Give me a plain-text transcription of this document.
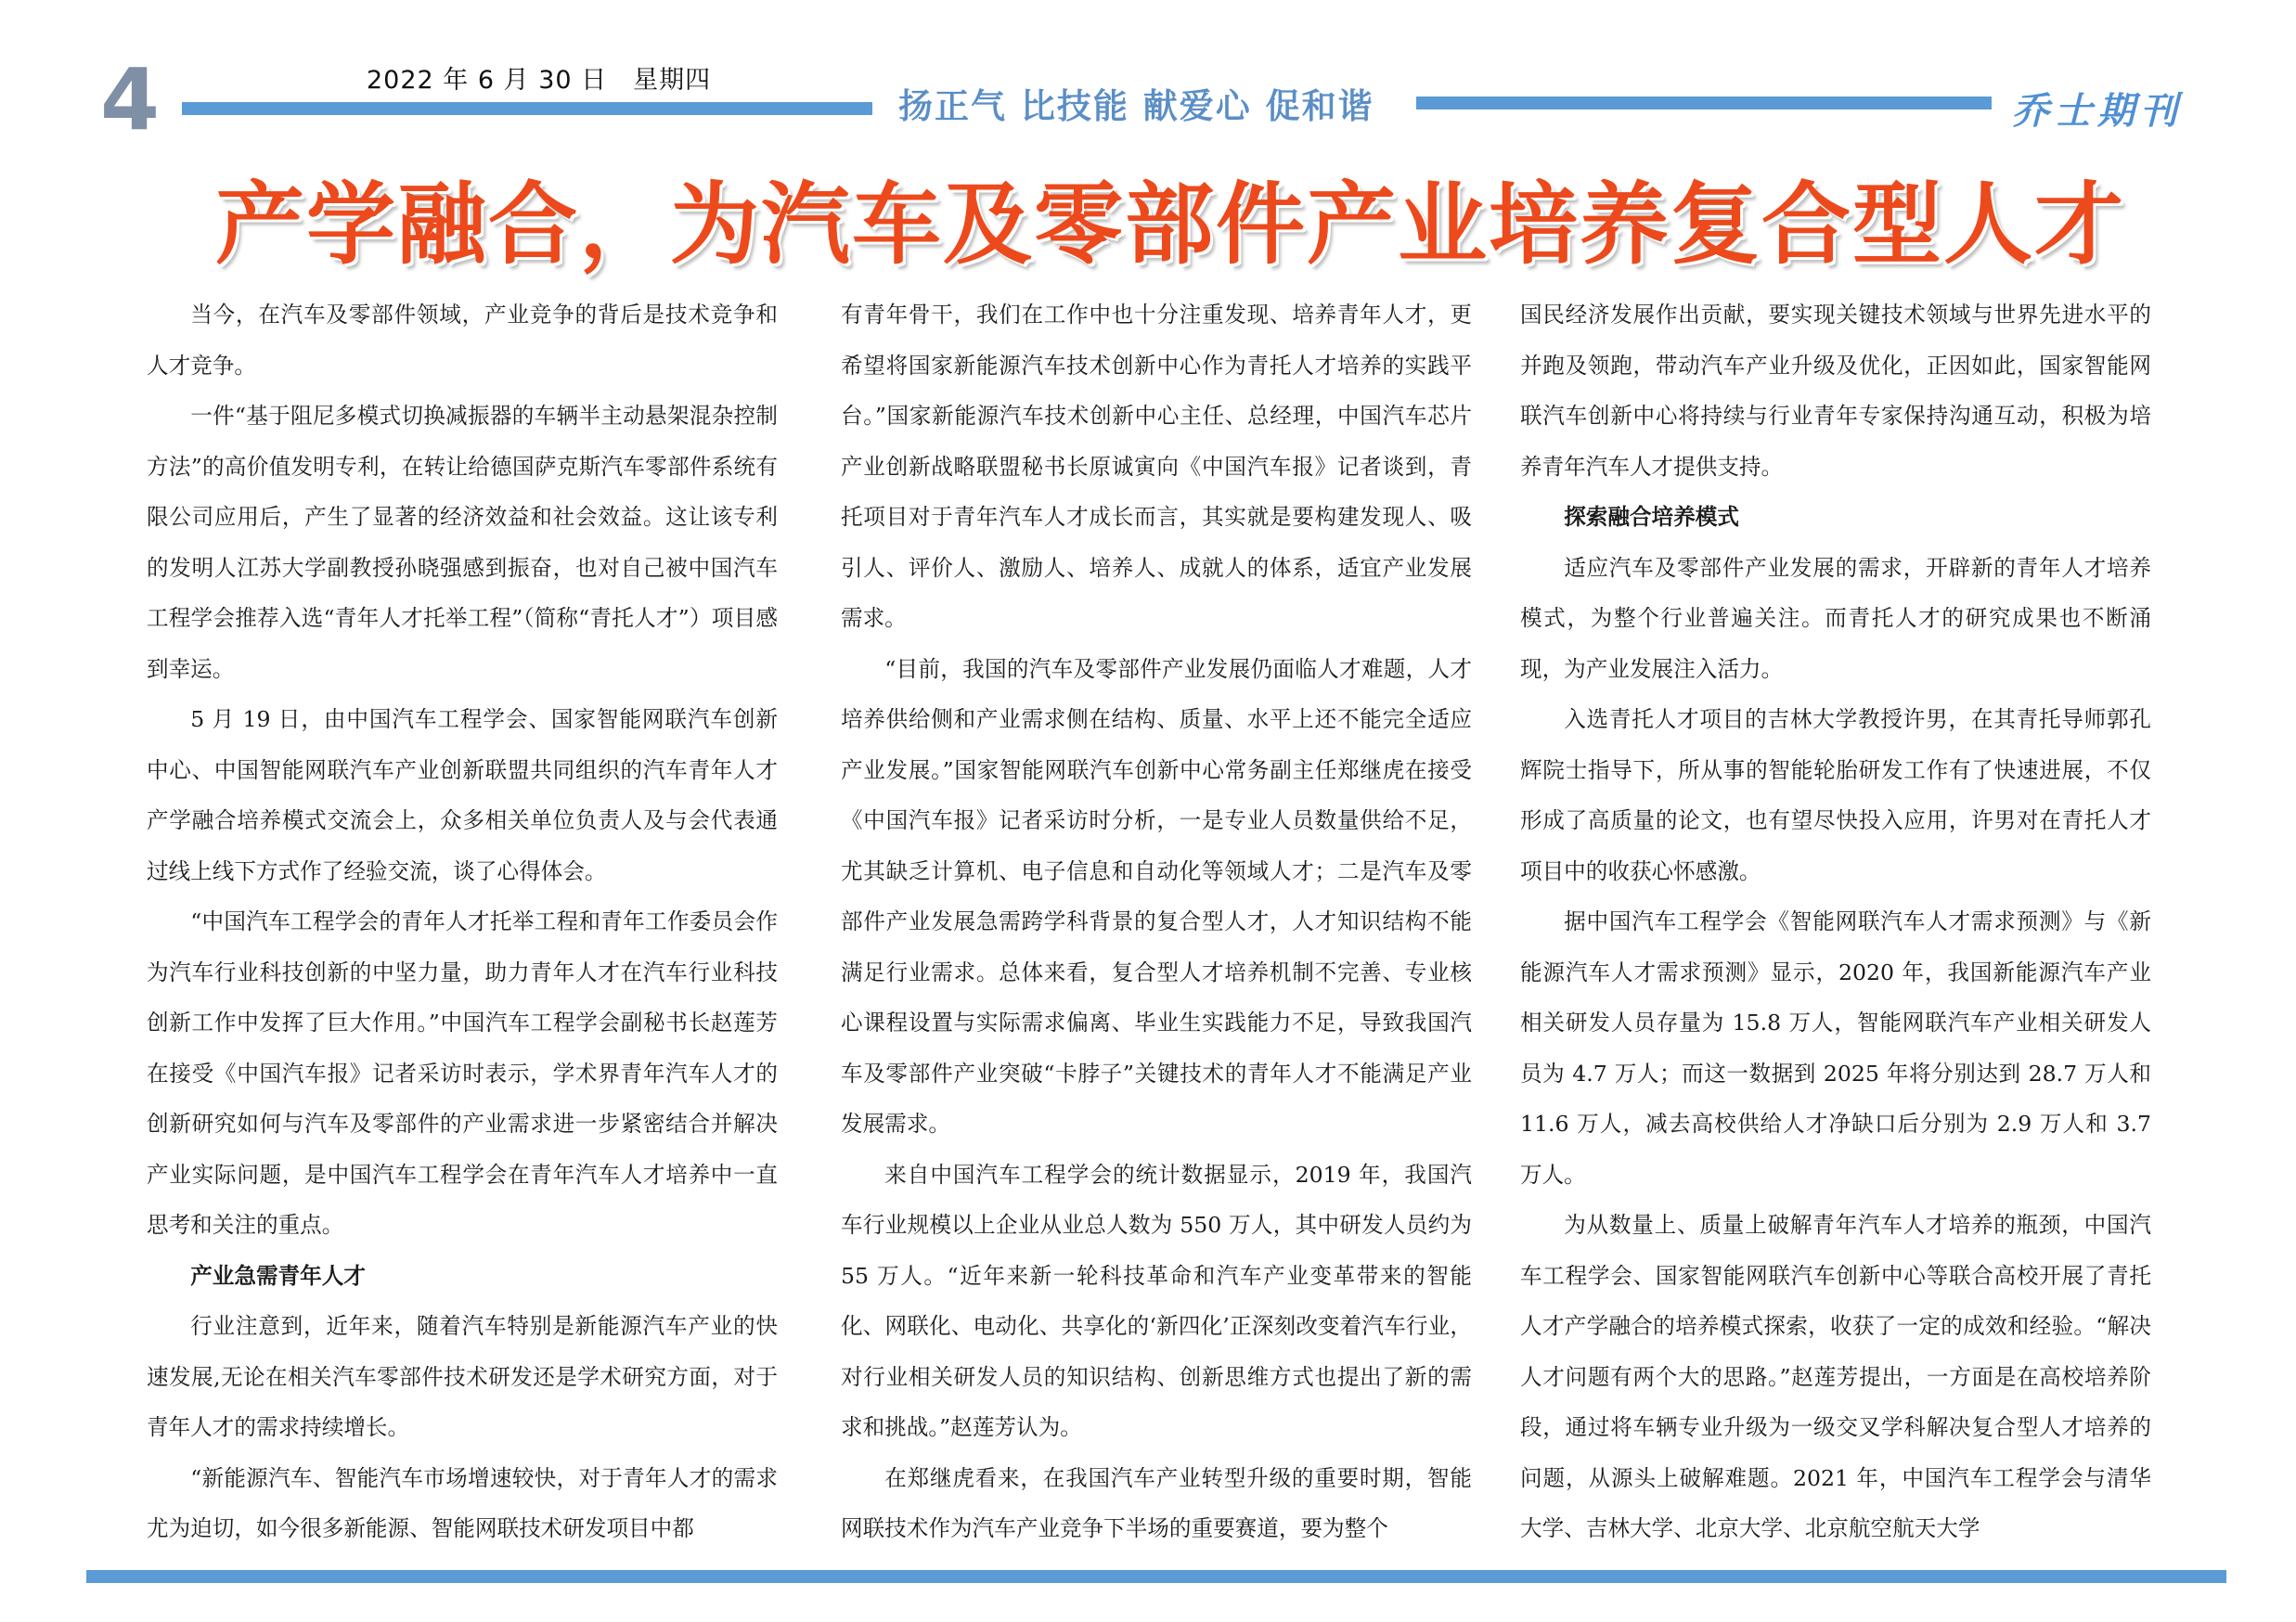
4	2022 年 6 月 30 日　星期四
扬正气 比技能 献爱心 促和谐	乔士期刊
产学融合，为汽车及零部件产业培养复合型人才

当今，在汽车及零部件领域，产业竞争的背后是技术竞争和人才竞争。

一件“基于阻尼多模式切换减振器的车辆半主动悬架混杂控制方法”的高价值发明专利，在转让给德国萨克斯汽车零部件系统有限公司应用后，产生了显著的经济效益和社会效益。这让该专利的发明人江苏大学副教授孙晓强感到振奋，也对自己被中国汽车工程学会推荐入选“青年人才托举工程”（简称“青托人才”）项目感到幸运。

5 月 19 日，由中国汽车工程学会、国家智能网联汽车创新中心、中国智能网联汽车产业创新联盟共同组织的汽车青年人才产学融合培养模式交流会上，众多相关单位负责人及与会代表通过线上线下方式作了经验交流，谈了心得体会。

“中国汽车工程学会的青年人才托举工程和青年工作委员会作为汽车行业科技创新的中坚力量，助力青年人才在汽车行业科技创新工作中发挥了巨大作用。”中国汽车工程学会副秘书长赵莲芳在接受《中国汽车报》记者采访时表示，学术界青年汽车人才的创新研究如何与汽车及零部件的产业需求进一步紧密结合并解决产业实际问题，是中国汽车工程学会在青年汽车人才培养中一直思考和关注的重点。

产业急需青年人才

行业注意到，近年来，随着汽车特别是新能源汽车产业的快速发展,无论在相关汽车零部件技术研发还是学术研究方面，对于青年人才的需求持续增长。

“新能源汽车、智能汽车市场增速较快，对于青年人才的需求尤为迫切，如今很多新能源、智能网联技术研发项目中都

有青年骨干，我们在工作中也十分注重发现、培养青年人才，更希望将国家新能源汽车技术创新中心作为青托人才培养的实践平台。”国家新能源汽车技术创新中心主任、总经理，中国汽车芯片产业创新战略联盟秘书长原诚寅向《中国汽车报》记者谈到，青托项目对于青年汽车人才成长而言，其实就是要构建发现人、吸引人、评价人、激励人、培养人、成就人的体系，适宜产业发展需求。

“目前，我国的汽车及零部件产业发展仍面临人才难题，人才培养供给侧和产业需求侧在结构、质量、水平上还不能完全适应产业发展。”国家智能网联汽车创新中心常务副主任郑继虎在接受《中国汽车报》记者采访时分析，一是专业人员数量供给不足，尤其缺乏计算机、电子信息和自动化等领域人才；二是汽车及零部件产业发展急需跨学科背景的复合型人才，人才知识结构不能满足行业需求。总体来看，复合型人才培养机制不完善、专业核心课程设置与实际需求偏离、毕业生实践能力不足，导致我国汽车及零部件产业突破“卡脖子”关键技术的青年人才不能满足产业发展需求。

来自中国汽车工程学会的统计数据显示，2019 年，我国汽车行业规模以上企业从业总人数为 550 万人，其中研发人员约为 55 万人。“近年来新一轮科技革命和汽车产业变革带来的智能化、网联化、电动化、共享化的‘新四化’正深刻改变着汽车行业，对行业相关研发人员的知识结构、创新思维方式也提出了新的需求和挑战。”赵莲芳认为。

在郑继虎看来，在我国汽车产业转型升级的重要时期，智能网联技术作为汽车产业竞争下半场的重要赛道，要为整个

国民经济发展作出贡献，要实现关键技术领域与世界先进水平的并跑及领跑，带动汽车产业升级及优化，正因如此，国家智能网联汽车创新中心将持续与行业青年专家保持沟通互动，积极为培养青年汽车人才提供支持。

探索融合培养模式

适应汽车及零部件产业发展的需求，开辟新的青年人才培养模式，为整个行业普遍关注。而青托人才的研究成果也不断涌现，为产业发展注入活力。

入选青托人才项目的吉林大学教授许男，在其青托导师郭孔辉院士指导下，所从事的智能轮胎研发工作有了快速进展，不仅形成了高质量的论文，也有望尽快投入应用，许男对在青托人才项目中的收获心怀感激。

据中国汽车工程学会《智能网联汽车人才需求预测》与《新能源汽车人才需求预测》显示，2020 年，我国新能源汽车产业相关研发人员存量为 15.8 万人，智能网联汽车产业相关研发人员为 4.7 万人；而这一数据到 2025 年将分别达到 28.7 万人和 11.6 万人，减去高校供给人才净缺口后分别为 2.9 万人和 3.7 万人。

为从数量上、质量上破解青年汽车人才培养的瓶颈，中国汽车工程学会、国家智能网联汽车创新中心等联合高校开展了青托人才产学融合的培养模式探索，收获了一定的成效和经验。“解决人才问题有两个大的思路。”赵莲芳提出，一方面是在高校培养阶段，通过将车辆专业升级为一级交叉学科解决复合型人才培养的问题，从源头上破解难题。2021 年，中国汽车工程学会与清华大学、吉林大学、北京大学、北京航空航天大学
